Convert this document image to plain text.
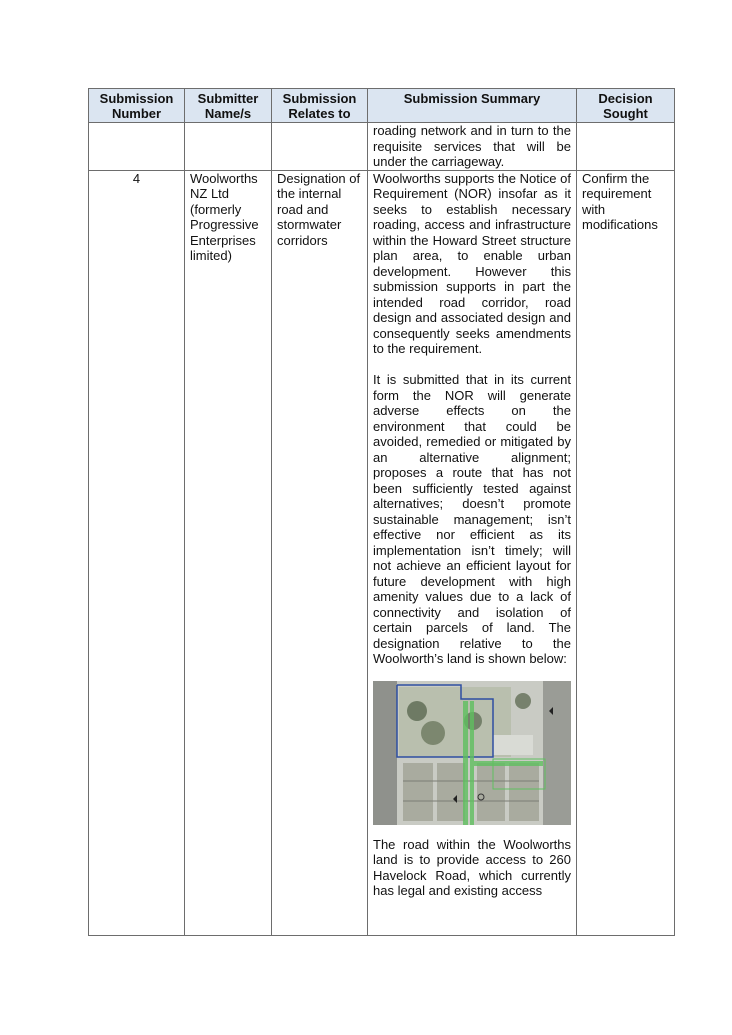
Submission Number	Submitter Name/s	Submission Relates to	Submission Summary	Decision Sought
			roading network and in turn to the requisite services that will be under the carriageway.	
4	Woolworths NZ Ltd (formerly Progressive Enterprises limited)	Designation of the internal road and stormwater corridors	Woolworths supports the Notice of Requirement (NOR) insofar as it seeks to establish necessary roading, access and infrastructure within the Howard Street structure plan area, to enable urban development. However this submission supports in part the intended road corridor, road design and associated design and consequently seeks amendments to the requirement.
It is submitted that in its current form the NOR will generate adverse effects on the environment that could be avoided, remedied or mitigated by an alternative alignment; proposes a route that has not been sufficiently tested against alternatives; doesn’t promote sustainable management; isn’t effective nor efficient as its implementation isn’t timely; will not achieve an efficient layout for future development with high amenity values due to a lack of connectivity and isolation of certain parcels of land. The designation relative to the Woolworth’s land is shown below:
The road within the Woolworths land is to provide access to 260 Havelock Road, which currently has legal and existing access	Confirm the requirement with modifications
